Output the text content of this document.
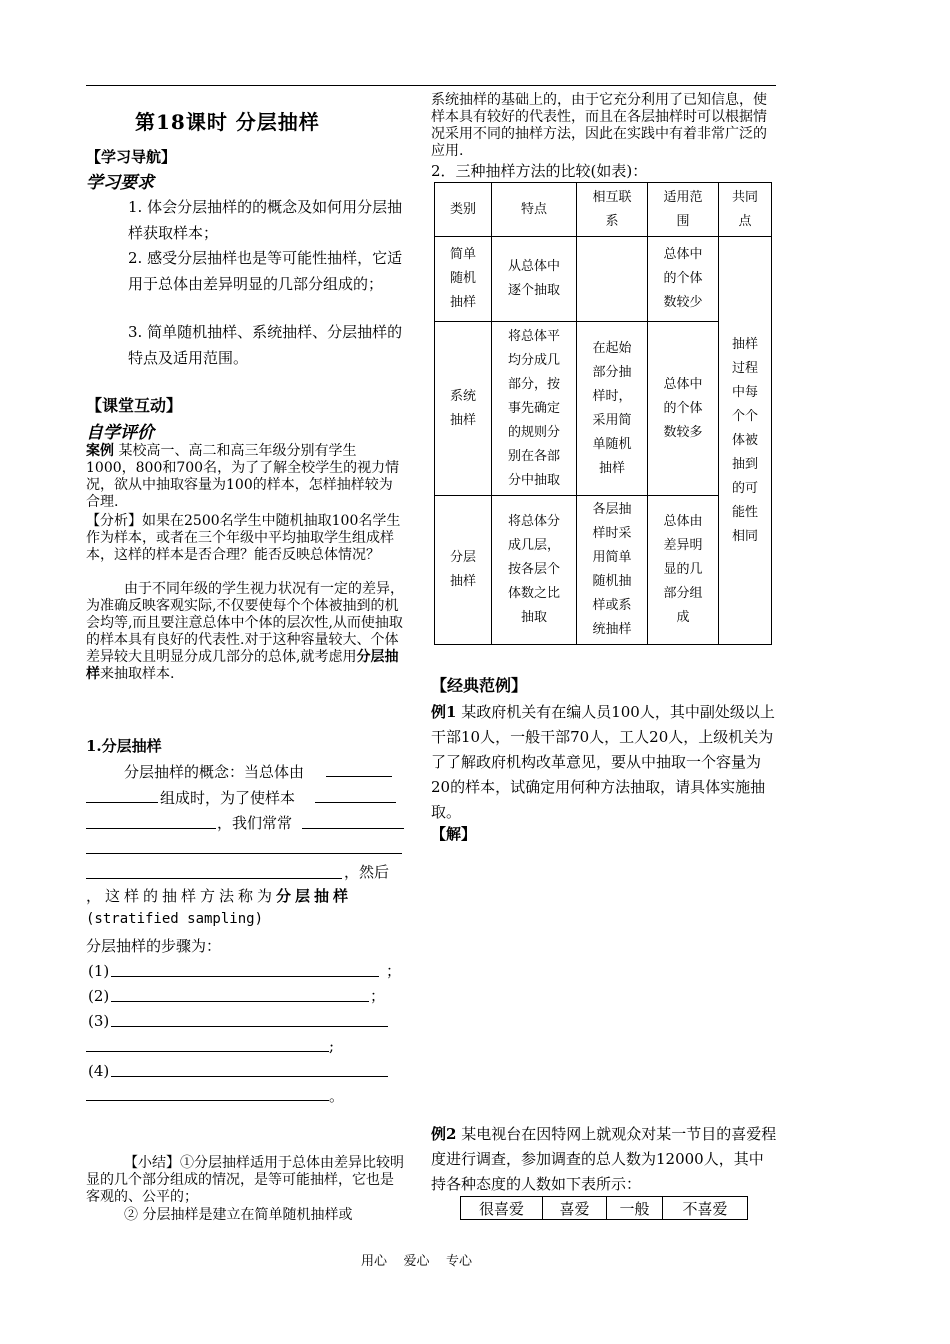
第18课时 分层抽样
【学习导航】
学习要求
1. 体会分层抽样的的概念及如何用分层抽样获取样本；
2. 感受分层抽样也是等可能性抽样，它适用于总体由差异明显的几部分组成的；
3. 简单随机抽样、系统抽样、分层抽样的特点及适用范围。
【课堂互动】
自学评价
案例 某校高一、高二和高三年级分别有学生1000，800和700名，为了了解全校学生的视力情况，欲从中抽取容量为100的样本，怎样抽样较为合理.
【分析】如果在2500名学生中随机抽取100名学生作为样本，或者在三个年级中平均抽取学生组成样本，这样的样本是否合理？能否反映总体情况？
由于不同年级的学生视力状况有一定的差异，为准确反映客观实际,不仅要使每个个体被抽到的机会均等,而且要注意总体中个体的层次性,从而使抽取的样本具有良好的代表性.对于这种容量较大、个体差异较大且明显分成几部分的总体,就考虑用分层抽样来抽取样本.
1.分层抽样
分层抽样的概念：当总体由
组成时，为了使样本
，我们常常
，然后
，这样的抽样方法称为分层抽样
(stratified sampling)
分层抽样的步骤为：
(1)	；
(2)	；
(3)
;
(4)
。
【小结】①分层抽样适用于总体由差异比较明显的几个部分组成的情况，是等可能抽样，它也是客观的、公平的；
② 分层抽样是建立在简单随机抽样或
系统抽样的基础上的，由于它充分利用了已知信息，使样本具有较好的代表性，而且在各层抽样时可以根据情况采用不同的抽样方法，因此在实践中有着非常广泛的应用.
2．三种抽样方法的比较(如表)：
类别	特点	相互联系	适用范围	共同点

简单随机抽样	从总体中逐个抽取		总体中的个体数较少	抽样过程中每个个体被抽到的可能性相同

系统抽样	将总体平均分成几部分，按事先确定的规则分别在各部分中抽取	在起始部分抽样时，采用简单随机抽样	总体中的个体数较多	

分层抽样	将总体分成几层，按各层个体数之比抽取	各层抽样时采用简单随机抽样或系统抽样	总体由差异明显的几部分组成	
【经典范例】
例1 某政府机关有在编人员100人，其中副处级以上干部10人，一般干部70人，工人20人，上级机关为了了解政府机构改革意见，要从中抽取一个容量为20的样本，试确定用何种方法抽取，请具体实施抽取。
【解】
例2 某电视台在因特网上就观众对某一节目的喜爱程度进行调查，参加调查的总人数为12000人，其中持各种态度的人数如下表所示：
很喜爱	喜爱	一般	不喜爱
用心    爱心    专心
